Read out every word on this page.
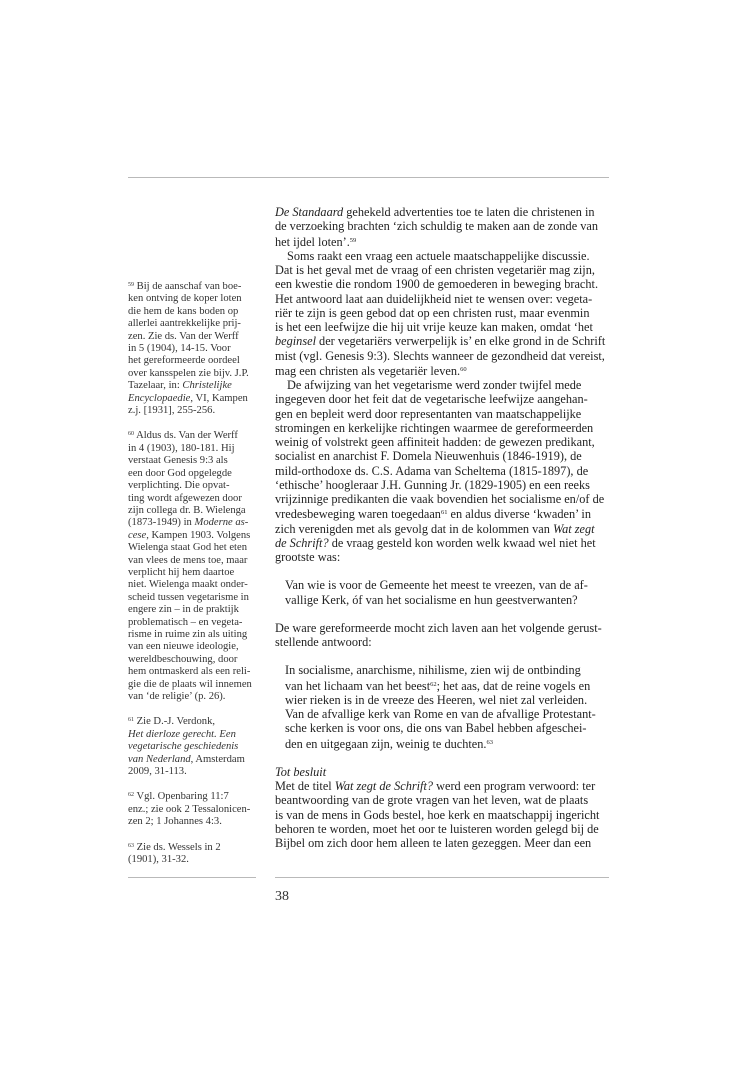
$^{59}$ Bij de aanschaf van boe-

ken ontving de koper loten

die hem de kans boden op

allerlei aantrekkelijke prij-

zen. Zie ds. Van der Werff

in 5 (1904), 14-15. Voor

het gereformeerde oordeel

over kansspelen zie bijv. J.P.

Tazelaar, in: Christelijke

Encyclopaedie, VI, Kampen

z.j. [1931], 255-256.

$^{60}$ Aldus ds. Van der Werff

in 4 (1903), 180-181. Hij

verstaat Genesis 9:3 als

een door God opgelegde

verplichting. Die opvat-

ting wordt afgewezen door

zijn collega dr. B. Wielenga

(1873-1949) in Moderne as-

cese, Kampen 1903. Volgens

Wielenga staat God het eten

van vlees de mens toe, maar

verplicht hij hem daartoe

niet. Wielenga maakt onder-

scheid tussen vegetarisme in

engere zin – in de praktijk

problematisch – en vegeta-

risme in ruime zin als uiting

van een nieuwe ideologie,

wereldbeschouwing, door

hem ontmaskerd als een reli-

gie die de plaats wil innemen

van ‘de religie’ (p. 26).

$^{61}$ Zie D.-J. Verdonk,

Het dierloze gerecht. Een

vegetarische geschiedenis

van Nederland, Amsterdam

2009, 31-113.

$^{62}$ Vgl. Openbaring 11:7

enz.; zie ook 2 Tessalonicen-

zen 2; 1 Johannes 4:3.

$^{63}$ Zie ds. Wessels in 2

(1901), 31-32.

De Standaard gehekeld advertenties toe te laten die christenen in

de verzoeking brachten ‘zich schuldig te maken aan de zonde van

het ijdel loten’.$^{59}$

Soms raakt een vraag een actuele maatschappelijke discussie.

Dat is het geval met de vraag of een christen vegetariër mag zijn,

een kwestie die rondom 1900 de gemoederen in beweging bracht.

Het antwoord laat aan duidelijkheid niet te wensen over: vegeta-

riër te zijn is geen gebod dat op een christen rust, maar evenmin

is het een leefwijze die hij uit vrije keuze kan maken, omdat ‘het

beginsel der vegetariërs verwerpelijk is’ en elke grond in de Schrift

mist (vgl. Genesis 9:3). Slechts wanneer de gezondheid dat vereist,

mag een christen als vegetariër leven.$^{60}$

De afwijzing van het vegetarisme werd zonder twijfel mede

ingegeven door het feit dat de vegetarische leefwijze aangehan-

gen en bepleit werd door representanten van maatschappelijke

stromingen en kerkelijke richtingen waarmee de gereformeerden

weinig of volstrekt geen affiniteit hadden: de gewezen predikant,

socialist en anarchist F. Domela Nieuwenhuis (1846-1919), de

mild-orthodoxe ds. C.S. Adama van Scheltema (1815-1897), de

‘ethische’ hoogleraar J.H. Gunning Jr. (1829-1905) en een reeks

vrijzinnige predikanten die vaak bovendien het socialisme en/of de

vredesbeweging waren toegedaan$^{61}$ en aldus diverse ‘kwaden’ in

zich verenigden met als gevolg dat in de kolommen van Wat zegt

de Schrift? de vraag gesteld kon worden welk kwaad wel niet het

grootste was:

Van wie is voor de Gemeente het meest te vreezen, van de af-

vallige Kerk, óf van het socialisme en hun geestverwanten?

De ware gereformeerde mocht zich laven aan het volgende gerust-

stellende antwoord:

In socialisme, anarchisme, nihilisme, zien wij de ontbinding

van het lichaam van het beest$^{62}$; het aas, dat de reine vogels en

wier rieken is in de vreeze des Heeren, wel niet zal verleiden.

Van de afvallige kerk van Rome en van de afvallige Protestant-

sche kerken is voor ons, die ons van Babel hebben afgeschei-

den en uitgegaan zijn, weinig te duchten.$^{63}$

Tot besluit

Met de titel Wat zegt de Schrift? werd een program verwoord: ter

beantwoording van de grote vragen van het leven, wat de plaats

is van de mens in Gods bestel, hoe kerk en maatschappij ingericht

behoren te worden, moet het oor te luisteren worden gelegd bij de

Bijbel om zich door hem alleen te laten gezeggen. Meer dan een

38
